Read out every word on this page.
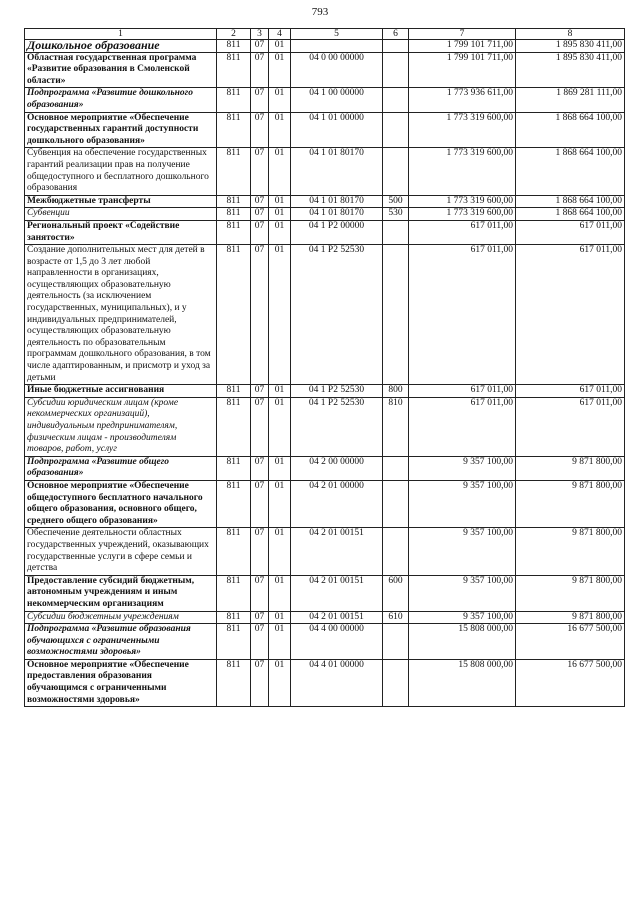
793
1	2	3	4	5	6	7	8
Дошкольное образование	811	07	01			1 799 101 711,00	1 895 830 411,00
Областная государственная программа «Развитие образования в Смоленской области»	811	07	01	04 0 00 00000		1 799 101 711,00	1 895 830 411,00
Подпрограмма «Развитие дошкольного образования»	811	07	01	04 1 00 00000		1 773 936 611,00	1 869 281 111,00
Основное мероприятие «Обеспечение государственных гарантий доступности дошкольного образования»	811	07	01	04 1 01 00000		1 773 319 600,00	1 868 664 100,00
Субвенция на обеспечение государственных гарантий реализации прав на получение общедоступного и бесплатного дошкольного образования	811	07	01	04 1 01 80170		1 773 319 600,00	1 868 664 100,00
Межбюджетные трансферты	811	07	01	04 1 01 80170	500	1 773 319 600,00	1 868 664 100,00
Субвенции	811	07	01	04 1 01 80170	530	1 773 319 600,00	1 868 664 100,00
Региональный проект «Содействие занятости»	811	07	01	04 1 P2 00000		617 011,00	617 011,00
Создание дополнительных мест для детей в возрасте от 1,5 до 3 лет любой направленности в организациях, осуществляющих образовательную деятельность (за исключением государственных, муниципальных), и у индивидуальных предпринимателей, осуществляющих образовательную деятельность по образовательным программам дошкольного образования, в том числе адаптированным, и присмотр и уход за детьми	811	07	01	04 1 P2 52530		617 011,00	617 011,00
Иные бюджетные ассигнования	811	07	01	04 1 P2 52530	800	617 011,00	617 011,00
Субсидии юридическим лицам (кроме некоммерческих организаций), индивидуальным предпринимателям, физическим лицам - производителям товаров, работ, услуг	811	07	01	04 1 P2 52530	810	617 011,00	617 011,00
Подпрограмма «Развитие общего образования»	811	07	01	04 2 00 00000		9 357 100,00	9 871 800,00
Основное мероприятие «Обеспечение общедоступного бесплатного начального общего образования, основного общего, среднего общего образования»	811	07	01	04 2 01 00000		9 357 100,00	9 871 800,00
Обеспечение деятельности областных государственных учреждений, оказывающих государственные услуги в сфере семьи и детства	811	07	01	04 2 01 00151		9 357 100,00	9 871 800,00
Предоставление субсидий бюджетным, автономным учреждениям и иным некоммерческим организациям	811	07	01	04 2 01 00151	600	9 357 100,00	9 871 800,00
Субсидии бюджетным учреждениям	811	07	01	04 2 01 00151	610	9 357 100,00	9 871 800,00
Подпрограмма «Развитие образования обучающихся с ограниченными возможностями здоровья»	811	07	01	04 4 00 00000		15 808 000,00	16 677 500,00
Основное мероприятие «Обеспечение предоставления образования обучающимся с ограниченными возможностями здоровья»	811	07	01	04 4 01 00000		15 808 000,00	16 677 500,00
